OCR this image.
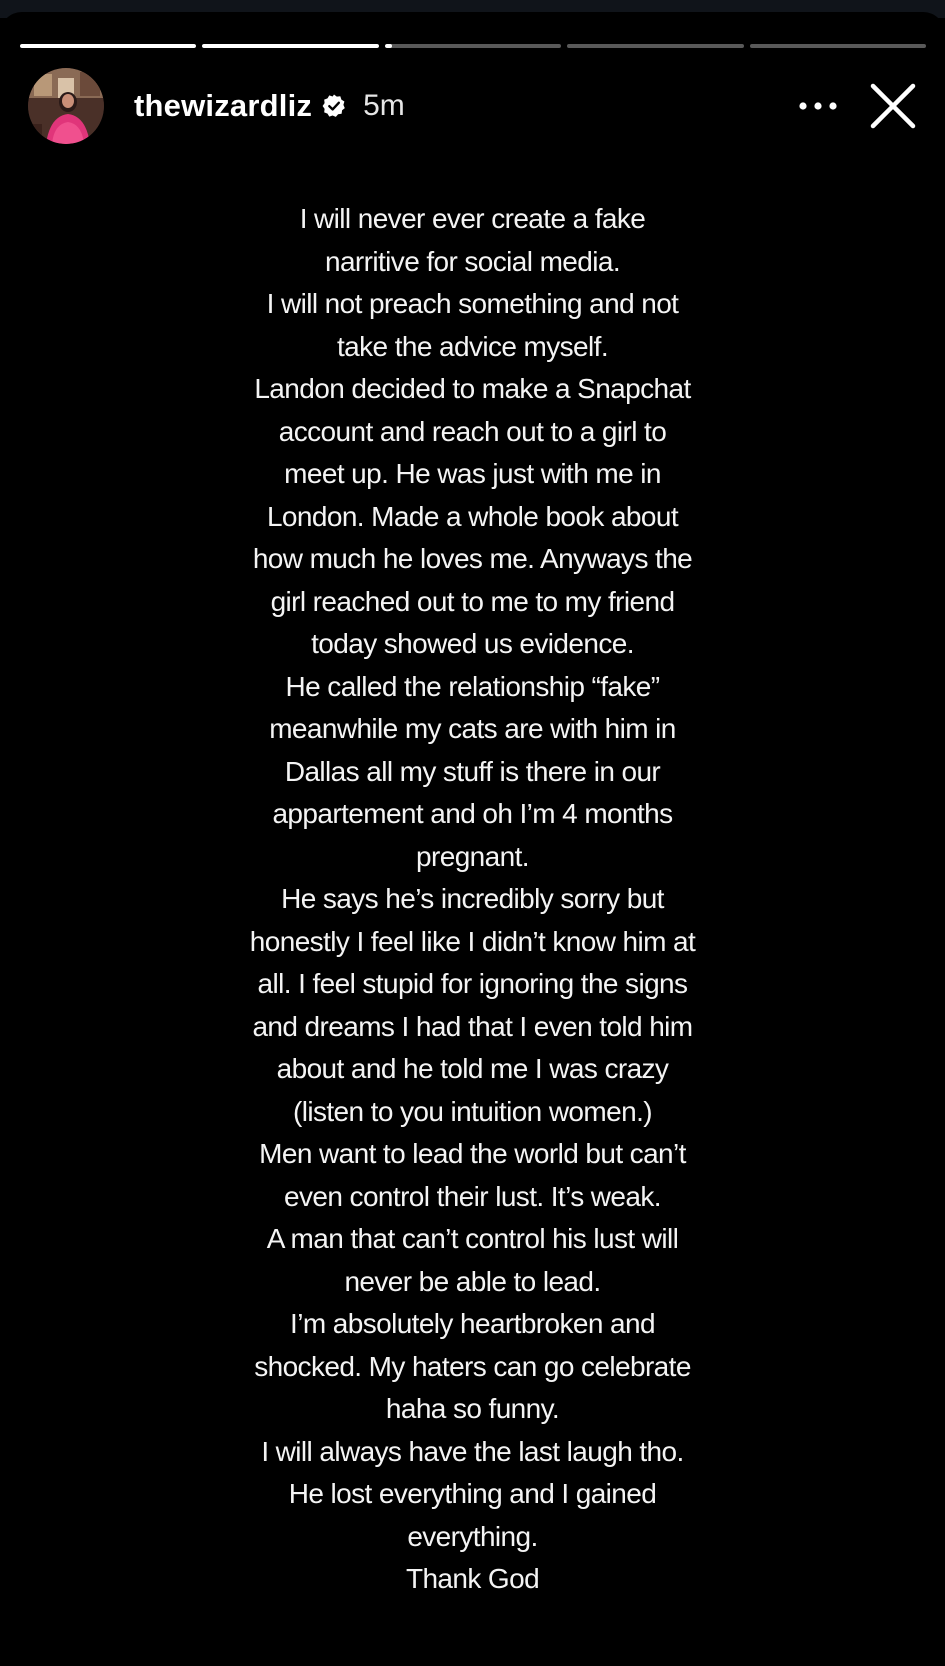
thewizardliz 5m
I will never ever create a fake
narritive for social media.
I will not preach something and not
take the advice myself.
Landon decided to make a Snapchat
account and reach out to a girl to
meet up. He was just with me in
London. Made a whole book about
how much he loves me. Anyways the
girl reached out to me to my friend
today showed us evidence.
He called the relationship “fake”
meanwhile my cats are with him in
Dallas all my stuff is there in our
appartement and oh I’m 4 months
pregnant.
He says he’s incredibly sorry but
honestly I feel like I didn’t know him at
all. I feel stupid for ignoring the signs
and dreams I had that I even told him
about and he told me I was crazy
(listen to you intuition women.)
Men want to lead the world but can’t
even control their lust. It’s weak.
A man that can’t control his lust will
never be able to lead.
I’m absolutely heartbroken and
shocked. My haters can go celebrate
haha so funny.
I will always have the last laugh tho.
He lost everything and I gained
everything.
Thank God
